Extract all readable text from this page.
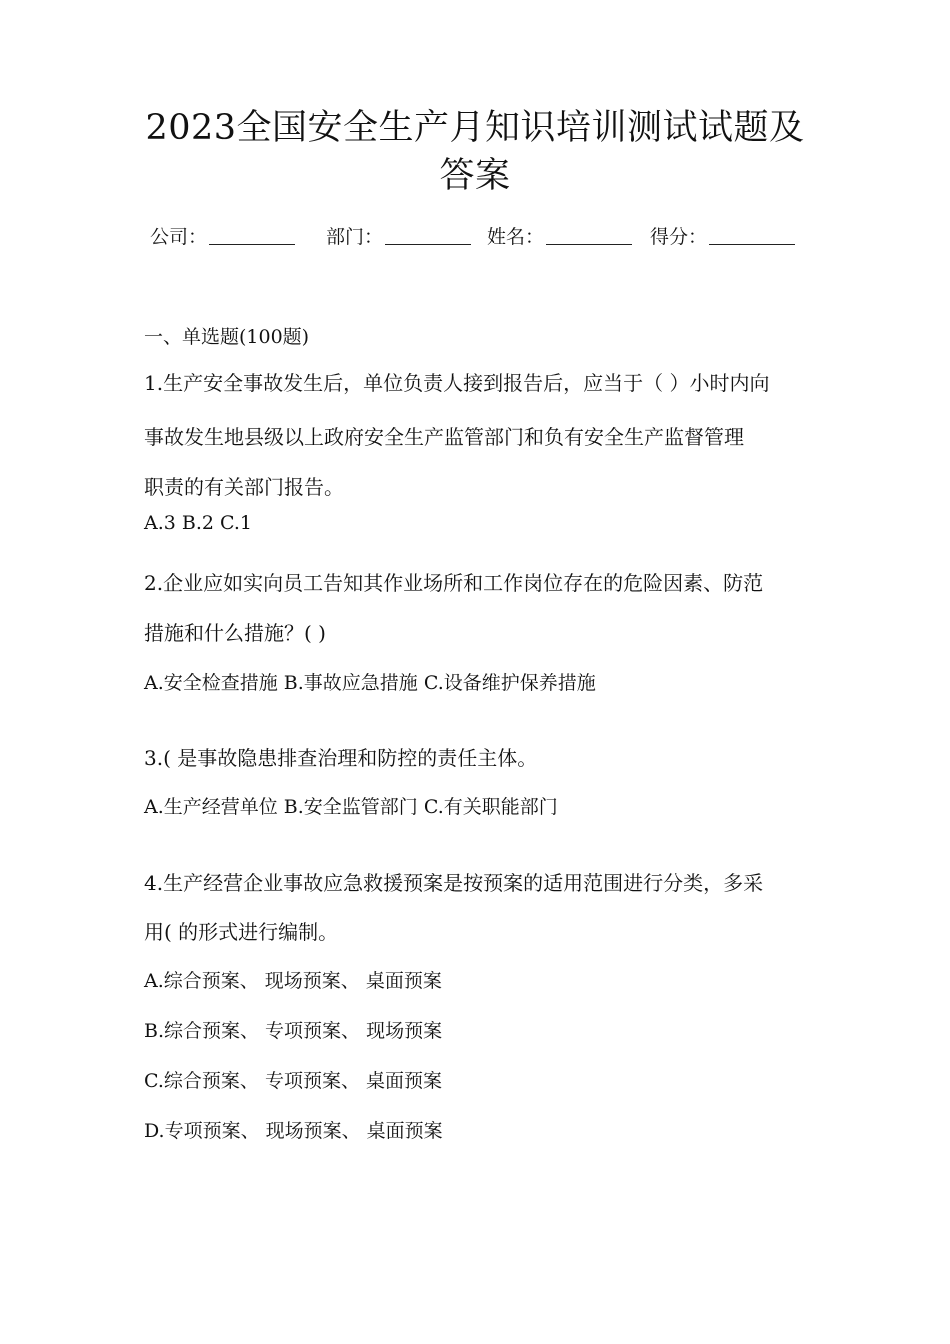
2023全国安全生产月知识培训测试试题及
答案
公司：	部门：	姓名：	得分：
一、单选题(100题)
1.生产安全事故发生后，单位负责人接到报告后，应当于（ ）小时内向
事故发生地县级以上政府安全生产监管部门和负有安全生产监督管理
职责的有关部门报告。
A.3 B.2 C.1
2.企业应如实向员工告知其作业场所和工作岗位存在的危险因素、防范
措施和什么措施？( )
A.安全检查措施 B.事故应急措施 C.设备维护保养措施
3.( 是事故隐患排查治理和防控的责任主体。
A.生产经营单位 B.安全监管部门 C.有关职能部门
4.生产经营企业事故应急救援预案是按预案的适用范围进行分类，多采
用( 的形式进行编制。
A.综合预案、 现场预案、 桌面预案
B.综合预案、 专项预案、 现场预案
C.综合预案、 专项预案、 桌面预案
D.专项预案、 现场预案、 桌面预案
